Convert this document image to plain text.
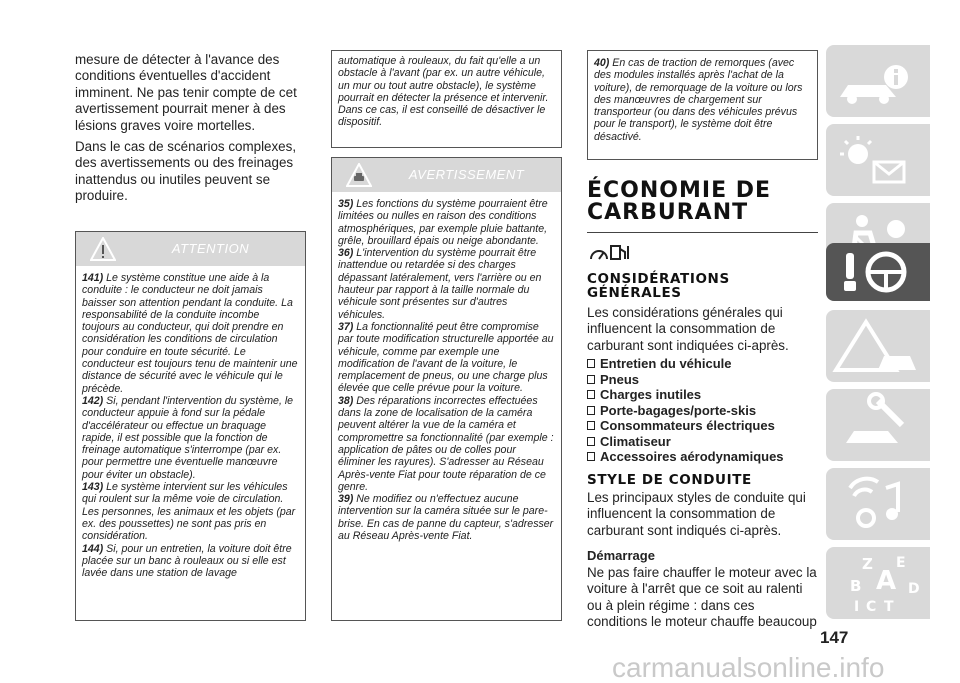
mesure de détecter à l'avance des conditions éventuelles d'accident imminent. Ne pas tenir compte de cet avertissement pourrait mener à des lésions graves voire mortelles.

Dans le cas de scénarios complexes, des avertissements ou des freinages inattendus ou inutiles peuvent se produire.

ATTENTION

141) Le système constitue une aide à la conduite : le conducteur ne doit jamais baisser son attention pendant la conduite. La responsabilité de la conduite incombe toujours au conducteur, qui doit prendre en considération les conditions de circulation pour conduire en toute sécurité. Le conducteur est toujours tenu de maintenir une distance de sécurité avec le véhicule qui le précède.

142) Si, pendant l'intervention du système, le conducteur appuie à fond sur la pédale d'accélérateur ou effectue un braquage rapide, il est possible que la fonction de freinage automatique s'interrompe (par ex. pour permettre une éventuelle manœuvre pour éviter un obstacle).

143) Le système intervient sur les véhicules qui roulent sur la même voie de circulation. Les personnes, les animaux et les objets (par ex. des poussettes) ne sont pas pris en considération.

144) Si, pour un entretien, la voiture doit être placée sur un banc à rouleaux ou si elle est lavée dans une station de lavage

automatique à rouleaux, du fait qu'elle a un obstacle à l'avant (par ex. un autre véhicule, un mur ou tout autre obstacle), le système pourrait en détecter la présence et intervenir. Dans ce cas, il est conseillé de désactiver le dispositif.
AVERTISSEMENT

35) Les fonctions du système pourraient être limitées ou nulles en raison des conditions atmosphériques, par exemple pluie battante, grêle, brouillard épais ou neige abondante.

36) L'intervention du système pourrait être inattendue ou retardée si des charges dépassant latéralement, vers l'arrière ou en hauteur par rapport à la taille normale du véhicule sont présentes sur d'autres véhicules.

37) La fonctionnalité peut être compromise par toute modification structurelle apportée au véhicule, comme par exemple une modification de l'avant de la voiture, le remplacement de pneus, ou une charge plus élevée que celle prévue pour la voiture.

38) Des réparations incorrectes effectuées dans la zone de localisation de la caméra peuvent altérer la vue de la caméra et compromettre sa fonctionnalité (par exemple : application de pâtes ou de colles pour éliminer les rayures). S'adresser au Réseau Après-vente Fiat pour toute réparation de ce genre.

39) Ne modifiez ou n'effectuez aucune intervention sur la caméra située sur le pare-brise. En cas de panne du capteur, s'adresser au Réseau Après-vente Fiat.

40) En cas de traction de remorques (avec des modules installés après l'achat de la voiture), de remorquage de la voiture ou lors des manœuvres de chargement sur transporteur (ou dans des véhicules prévus pour le transport), le système doit être désactivé.

ÉCONOMIE DE CARBURANT
CONSIDÉRATIONS GÉNÉRALES
Les considérations générales qui influencent la consommation de carburant sont indiquées ci-après.
Entretien du véhicule
Pneus
Charges inutiles
Porte-bagages/porte-skis
Consommateurs électriques
Climatiseur
Accessoires aérodynamiques
STYLE DE CONDUITE
Les principaux styles de conduite qui influencent la consommation de carburant sont indiqués ci-après.
Démarrage
Ne pas faire chauffer le moteur avec la voiture à l'arrêt que ce soit au ralenti ou à plein régime : dans ces conditions le moteur chauffe beaucoup
Z E
A
B
C
D
I T
147
carmanualsonline.info
